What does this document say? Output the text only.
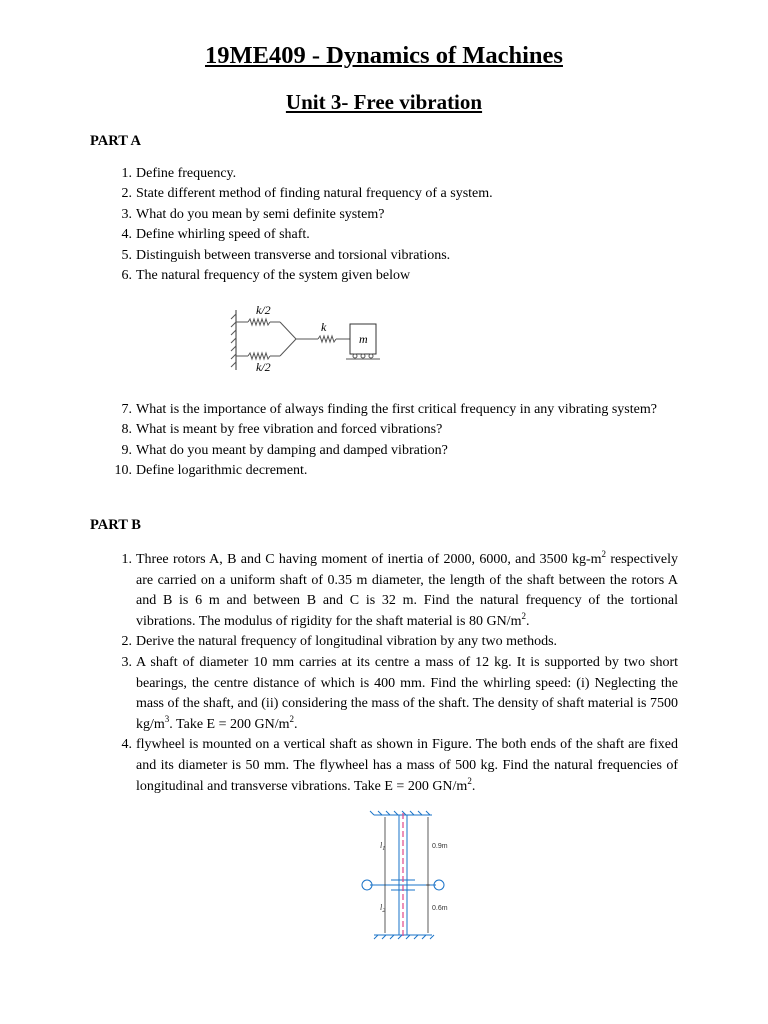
19ME409 - Dynamics of Machines
Unit 3- Free vibration
PART A
1. Define frequency.
2. State different method of finding natural frequency of a system.
3. What do you mean by semi definite system?
4. Define whirling speed of shaft.
5. Distinguish between transverse and torsional vibrations.
6. The natural frequency of the system given below
k/2
k/2
k
m
7. What is the importance of always finding the first critical frequency in any vibrating system?
8. What is meant by free vibration and forced vibrations?
9. What do you meant by damping and damped vibration?
10. Define logarithmic decrement.
PART B
1. Three rotors A, B and C having moment of inertia of 2000, 6000, and 3500 $kg-m^2$ respectively are carried on a uniform shaft of 0.35 m diameter, the length of the shaft between the rotors A and B is 6 m and between B and C is 32 m. Find the natural frequency of the tortional vibrations. The modulus of rigidity for the shaft material is 80 $GN/m^2$.
2. Derive the natural frequency of longitudinal vibration by any two methods.
3. A shaft of diameter 10 mm carries at its centre a mass of 12 kg. It is supported by two short bearings, the centre distance of which is 400 mm. Find the whirling speed: (i) Neglecting the mass of the shaft, and (ii) considering the mass of the shaft. The density of shaft material is 7500 $kg/m^3$. Take E = 200 $GN/m^2$.
4. flywheel is mounted on a vertical shaft as shown in Figure. The both ends of the shaft are fixed and its diameter is 50 mm. The flywheel has a mass of 500 kg. Find the natural frequencies of longitudinal and transverse vibrations. Take E = 200 $GN/m^2$.
$l_1$
$l_2$
0.9m
0.6m
